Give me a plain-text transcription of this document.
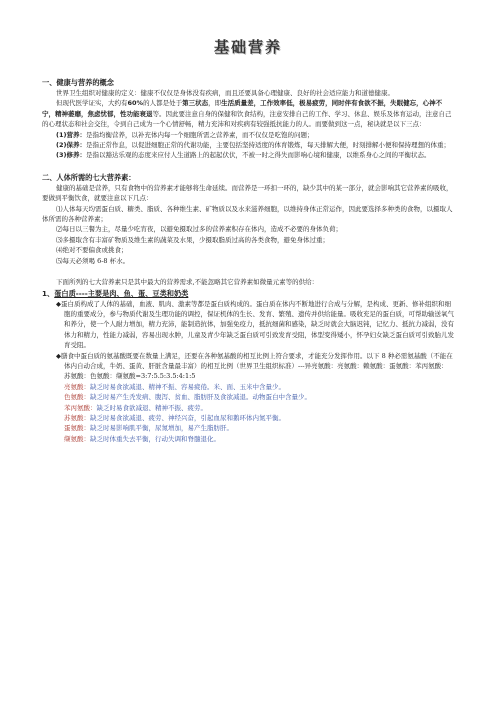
基础营养
一、健康与营养的概念

世界卫生组织对健康的定义：健康不仅仅是身体没有疾病，而且还要具备心理健康、良好的社会适应能力和道德健康。

但现代医学证实，大约有60%的人都是处于第三状态，即生活质量差，工作效率低，极易疲劳，同时伴有食欲不振，失眠健忘，心神不宁，精神萎靡，焦虑忧郁，性功能衰退等。因此要注意自身的保健和饮食结构，注意安排自己的工作、学习、休息、娱乐及体育运动，注意自己的心理状态和社会交往，令到自己成为一个心情舒畅，精力充沛和对疾病有较强抵抗能力的人。而要做到这一点，秘诀就是以下三点：

(1)营养：是指均衡营养，以补充体内每一个细胞所需之营养素，而不仅仅是吃饱的问题；

(2)保养：是指正常作息，以促进细胞正常的代谢功能，主要包括坚持适度的体育锻炼，每天排解大便，时刻排解小便和保持理想的体重；

(3)修养：是指以豁达乐观的态度来应付人生道路上的起起伏伏，不被一时之得失而影响心境和健康，以维系身心之间的平衡状态。

二、人体所需的七大营养素：

健康的基础是营养，只有食物中的营养素才能够将生命延续。而营养是一环扣一环的，缺少其中的某一部分，就会影响其它营养素的吸收，要做到平衡饮食，就要注意以下几点：

⑴人体每天均需蛋白质、糖类、脂质、各种维生素、矿物质以及水来滋养细胞，以维持身体正常运作，因此要选择多种类的食物，以摄取人体所需的各种营养素；

⑵每日以三餐为主，尽量少吃宵夜，以避免摄取过多的营养素积存在体内，造成不必要的身体负荷；

⑶多摄取含有丰富矿物质及维生素的蔬菜及水果，少摄取脂质过高的各类食物，避免身体过重；

⑷绝对不要偏食或挑食；

⑸每天必须喝 6-8 杯水。

下面所列的七大营养素只是其中最大的营养需求,不能忽略其它营养素如微量元素等的供给：

1、蛋白质----主要是肉、鱼、蛋、豆类和奶类

◆蛋白质构成了人体的基础，血液、肌肉、激素等都是蛋白质构成的。蛋白质在体内不断地进行合成与分解，是构成、更新、修补组织和细胞的重要成分，参与物质代谢及生理功能的调控，保证机体的生长、发育、繁殖、遗传并供给能量。吸收充足的蛋白质，可帮助输送氧气和养分，使一个人耐力增加，精力充沛，能制造抗体，加强免疫力，抵抗细菌和感染，缺乏时就会大脑迟钝，记忆力、抵抗力减弱，没有体力和精力，性能力减弱，容易出现水肿，儿童及青少年缺乏蛋白质可引致发育受阻，体型变得矮小，怀孕妇女缺乏蛋白质可引致胎儿发育受阻。

◆膳食中蛋白质的氨基酸既要在数量上满足，还要在各种氨基酸的相互比例上符合要求，才能充分发挥作用。以下 8 种必需氨基酸（不能在体内自动合成，牛奶、蛋黄、肝脏含量最丰富）的相互比例（世界卫生组织标准）---异亮氨酸：亮氨酸：赖氨酸：蛋氨酸：苯丙氨酸：苏氨酸：色氨酸：缬氨酸=3:7:5.5:3.5:4:1:5

亮氨酸：缺乏时易食欲减退、精神不振、容易疲倦。米、面、玉米中含量少。

色氨酸：缺乏时易产生秃发病、腹泻、贫血、脂肪肝及食欲减退。动物蛋白中含量少。

苯丙氨酸：缺乏时易食欲减退、精神不振、疲劳。

苏氨酸：缺乏时易食欲减退、疲劳、神经兴奋，引起血尿和鹅环体内氮平衡。

蛋氨酸：缺乏时易影响肌平衡，尿氮增加，易产生脂肪肝。

缬氨酸：缺乏时体重失去平衡，行动失调和脊髓退化。
